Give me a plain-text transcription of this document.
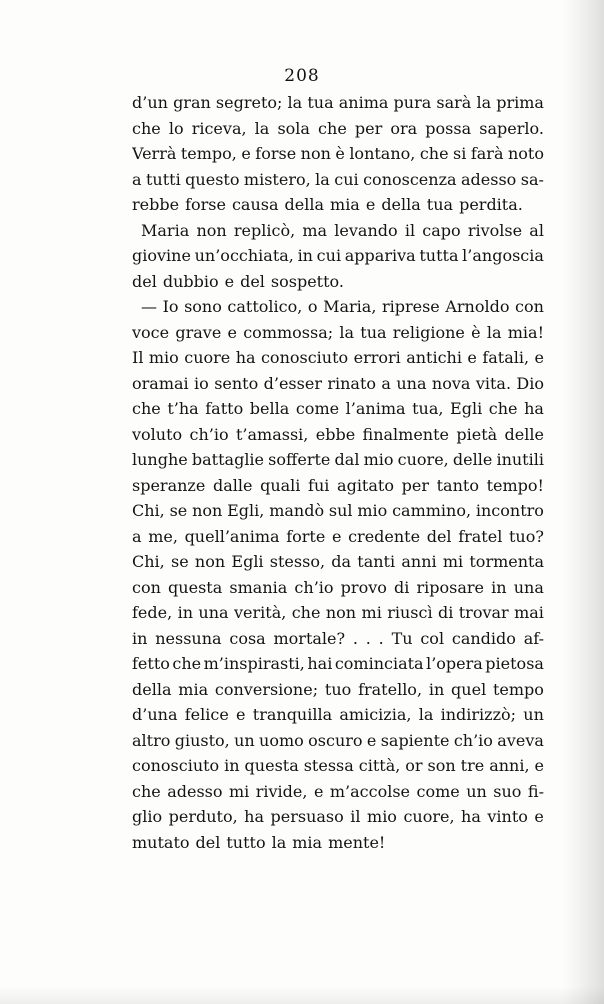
208
d’un gran segreto; la tua anima pura sarà la prima
che lo riceva, la sola che per ora possa saperlo.
Verrà tempo, e forse non è lontano, che si farà noto
a tutti questo mistero, la cui conoscenza adesso sa-
rebbe forse causa della mia e della tua perdita.
Maria non replicò, ma levando il capo rivolse al
giovine un’occhiata, in cui appariva tutta l’angoscia
del dubbio e del sospetto.
— Io sono cattolico, o Maria, riprese Arnoldo con
voce grave e commossa; la tua religione è la mia!
Il mio cuore ha conosciuto errori antichi e fatali, e
oramai io sento d’esser rinato a una nova vita. Dio
che t’ha fatto bella come l’anima tua, Egli che ha
voluto ch’io t’amassi, ebbe finalmente pietà delle
lunghe battaglie sofferte dal mio cuore, delle inutili
speranze dalle quali fui agitato per tanto tempo!
Chi, se non Egli, mandò sul mio cammino, incontro
a me, quell’anima forte e credente del fratel tuo?
Chi, se non Egli stesso, da tanti anni mi tormenta
con questa smania ch’io provo di riposare in una
fede, in una verità, che non mi riuscì di trovar mai
in nessuna cosa mortale? . . . Tu col candido af-
fetto che m’inspirasti, hai cominciata l’opera pietosa
della mia conversione; tuo fratello, in quel tempo
d’una felice e tranquilla amicizia, la indirizzò; un
altro giusto, un uomo oscuro e sapiente ch’io aveva
conosciuto in questa stessa città, or son tre anni, e
che adesso mi rivide, e m’accolse come un suo fi-
glio perduto, ha persuaso il mio cuore, ha vinto e
mutato del tutto la mia mente!
